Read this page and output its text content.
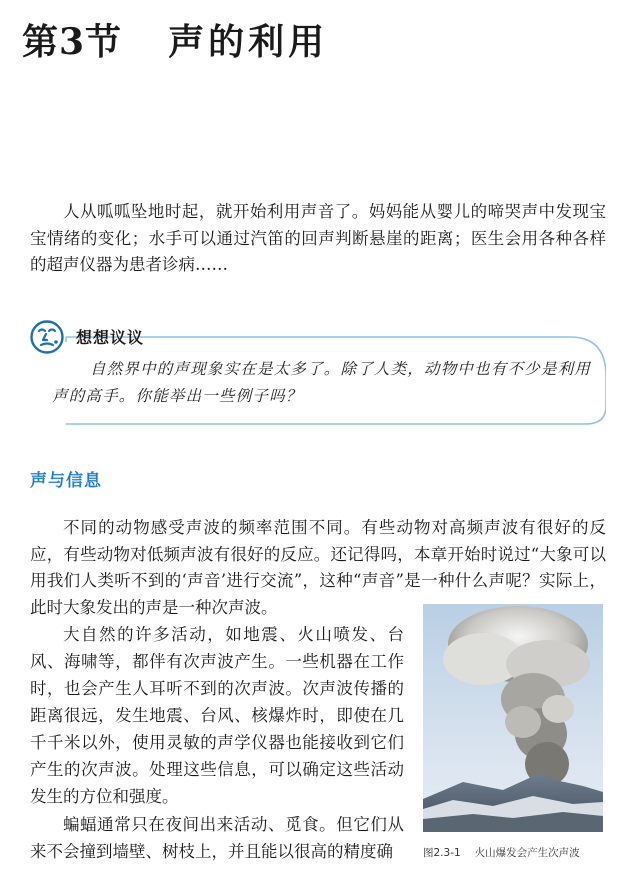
第3节 声的利用

人从呱呱坠地时起，就开始利用声音了。妈妈能从婴儿的啼哭声中发现宝宝情绪的变化；水手可以通过汽笛的回声判断悬崖的距离；医生会用各种各样的超声仪器为患者诊病……

想想议议

自然界中的声现象实在是太多了。除了人类，动物中也有不少是利用声的高手。你能举出一些例子吗？

声与信息

不同的动物感受声波的频率范围不同。有些动物对高频声波有很好的反应，有些动物对低频声波有很好的反应。还记得吗，本章开始时说过“大象可以用我们人类听不到的‘声音’进行交流”，这种“声音”是一种什么声呢？实际上，此时大象发出的声是一种次声波。

大自然的许多活动，如地震、火山喷发、台风、海啸等，都伴有次声波产生。一些机器在工作时，也会产生人耳听不到的次声波。次声波传播的距离很远，发生地震、台风、核爆炸时，即使在几千千米以外，使用灵敏的声学仪器也能接收到它们产生的次声波。处理这些信息，可以确定这些活动发生的方位和强度。

蝙蝠通常只在夜间出来活动、觅食。但它们从来不会撞到墙壁、树枝上，并且能以很高的精度确	图2.3-1 火山爆发会产生次声波
